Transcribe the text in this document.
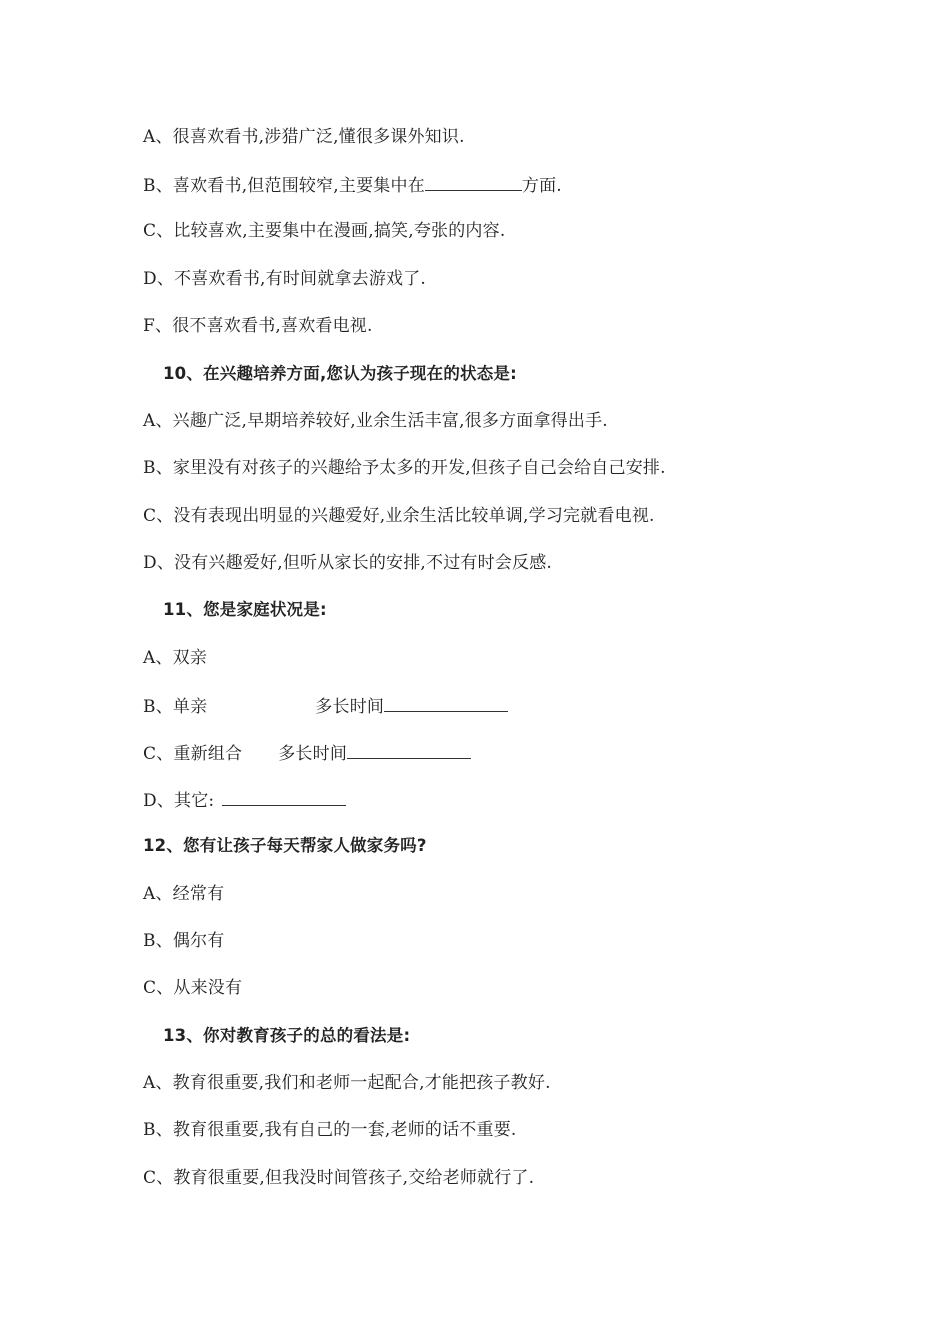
A、很喜欢看书,涉猎广泛,懂很多课外知识.
B、喜欢看书,但范围较窄,主要集中在	方面.
C、比较喜欢,主要集中在漫画,搞笑,夸张的内容.
D、不喜欢看书,有时间就拿去游戏了.
F、很不喜欢看书,喜欢看电视.
10、在兴趣培养方面,您认为孩子现在的状态是:
A、兴趣广泛,早期培养较好,业余生活丰富,很多方面拿得出手.
B、家里没有对孩子的兴趣给予太多的开发,但孩子自己会给自己安排.
C、没有表现出明显的兴趣爱好,业余生活比较单调,学习完就看电视.
D、没有兴趣爱好,但听从家长的安排,不过有时会反感.
11、您是家庭状况是:
A、双亲
B、单亲	多长时间
C、重新组合 多长时间
D、其它:
12、您有让孩子每天帮家人做家务吗?
A、经常有
B、偶尔有
C、从来没有
13、你对教育孩子的总的看法是:
A、教育很重要,我们和老师一起配合,才能把孩子教好.
B、教育很重要,我有自己的一套,老师的话不重要.
C、教育很重要,但我没时间管孩子,交给老师就行了.
